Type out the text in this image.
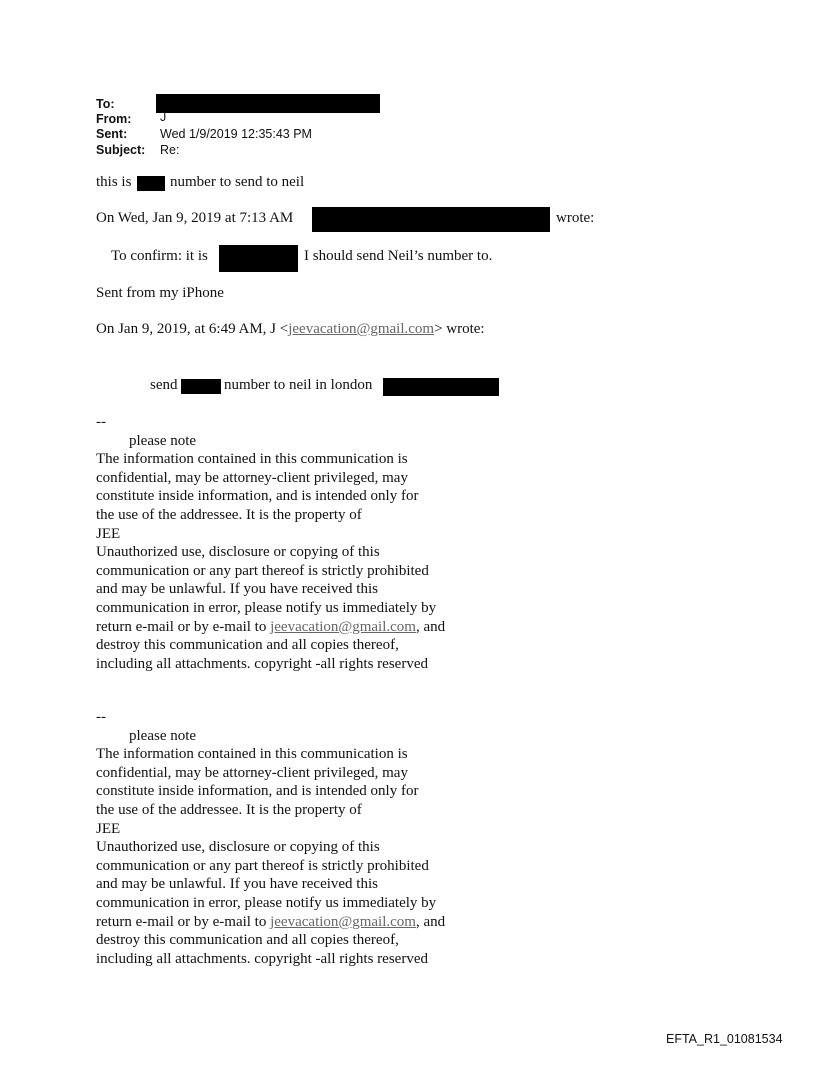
To:
From: J
Sent:	Wed 1/9/2019 12:35:43 PM
Subject: Re:
this is	number to send to neil
On Wed, Jan 9, 2019 at 7:13 AM	wrote:
To confirm: it is	I should send Neil’s number to.
Sent from my iPhone
On Jan 9, 2019, at 6:49 AM, J <jeevacation@gmail.com> wrote:
send	number to neil in london
--
please note
The information contained in this communication is
confidential, may be attorney-client privileged, may
constitute inside information, and is intended only for
the use of the addressee. It is the property of
JEE
Unauthorized use, disclosure or copying of this
communication or any part thereof is strictly prohibited
and may be unlawful. If you have received this
communication in error, please notify us immediately by
return e-mail or by e-mail to jeevacation@gmail.com, and
destroy this communication and all copies thereof,
including all attachments. copyright -all rights reserved
--
please note
The information contained in this communication is
confidential, may be attorney-client privileged, may
constitute inside information, and is intended only for
the use of the addressee. It is the property of
JEE
Unauthorized use, disclosure or copying of this
communication or any part thereof is strictly prohibited
and may be unlawful. If you have received this
communication in error, please notify us immediately by
return e-mail or by e-mail to jeevacation@gmail.com, and
destroy this communication and all copies thereof,
including all attachments. copyright -all rights reserved
EFTA_R1_01081534
